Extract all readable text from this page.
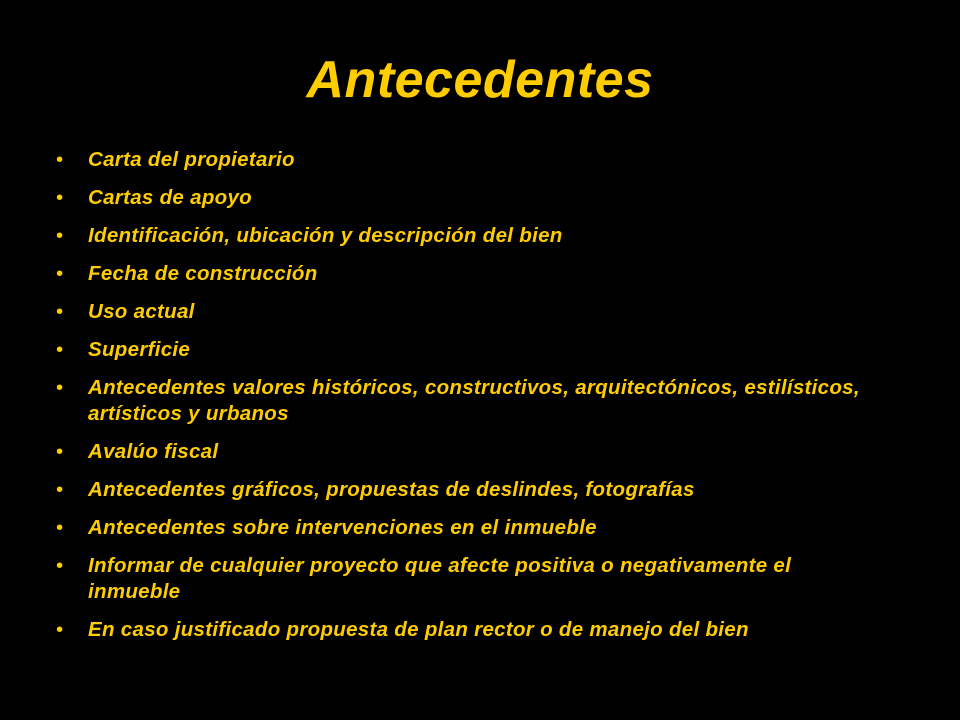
Antecedentes
• Carta del propietario
• Cartas de apoyo
• Identificación, ubicación y descripción del bien
• Fecha de construcción
• Uso actual
• Superficie
• Antecedentes valores históricos, constructivos, arquitectónicos, estilísticos, artísticos y urbanos
• Avalúo fiscal
• Antecedentes gráficos, propuestas de deslindes, fotografías
• Antecedentes sobre intervenciones en el inmueble
• Informar de cualquier proyecto que afecte positiva o negativamente el inmueble
• En caso justificado propuesta de plan rector o de manejo del bien
